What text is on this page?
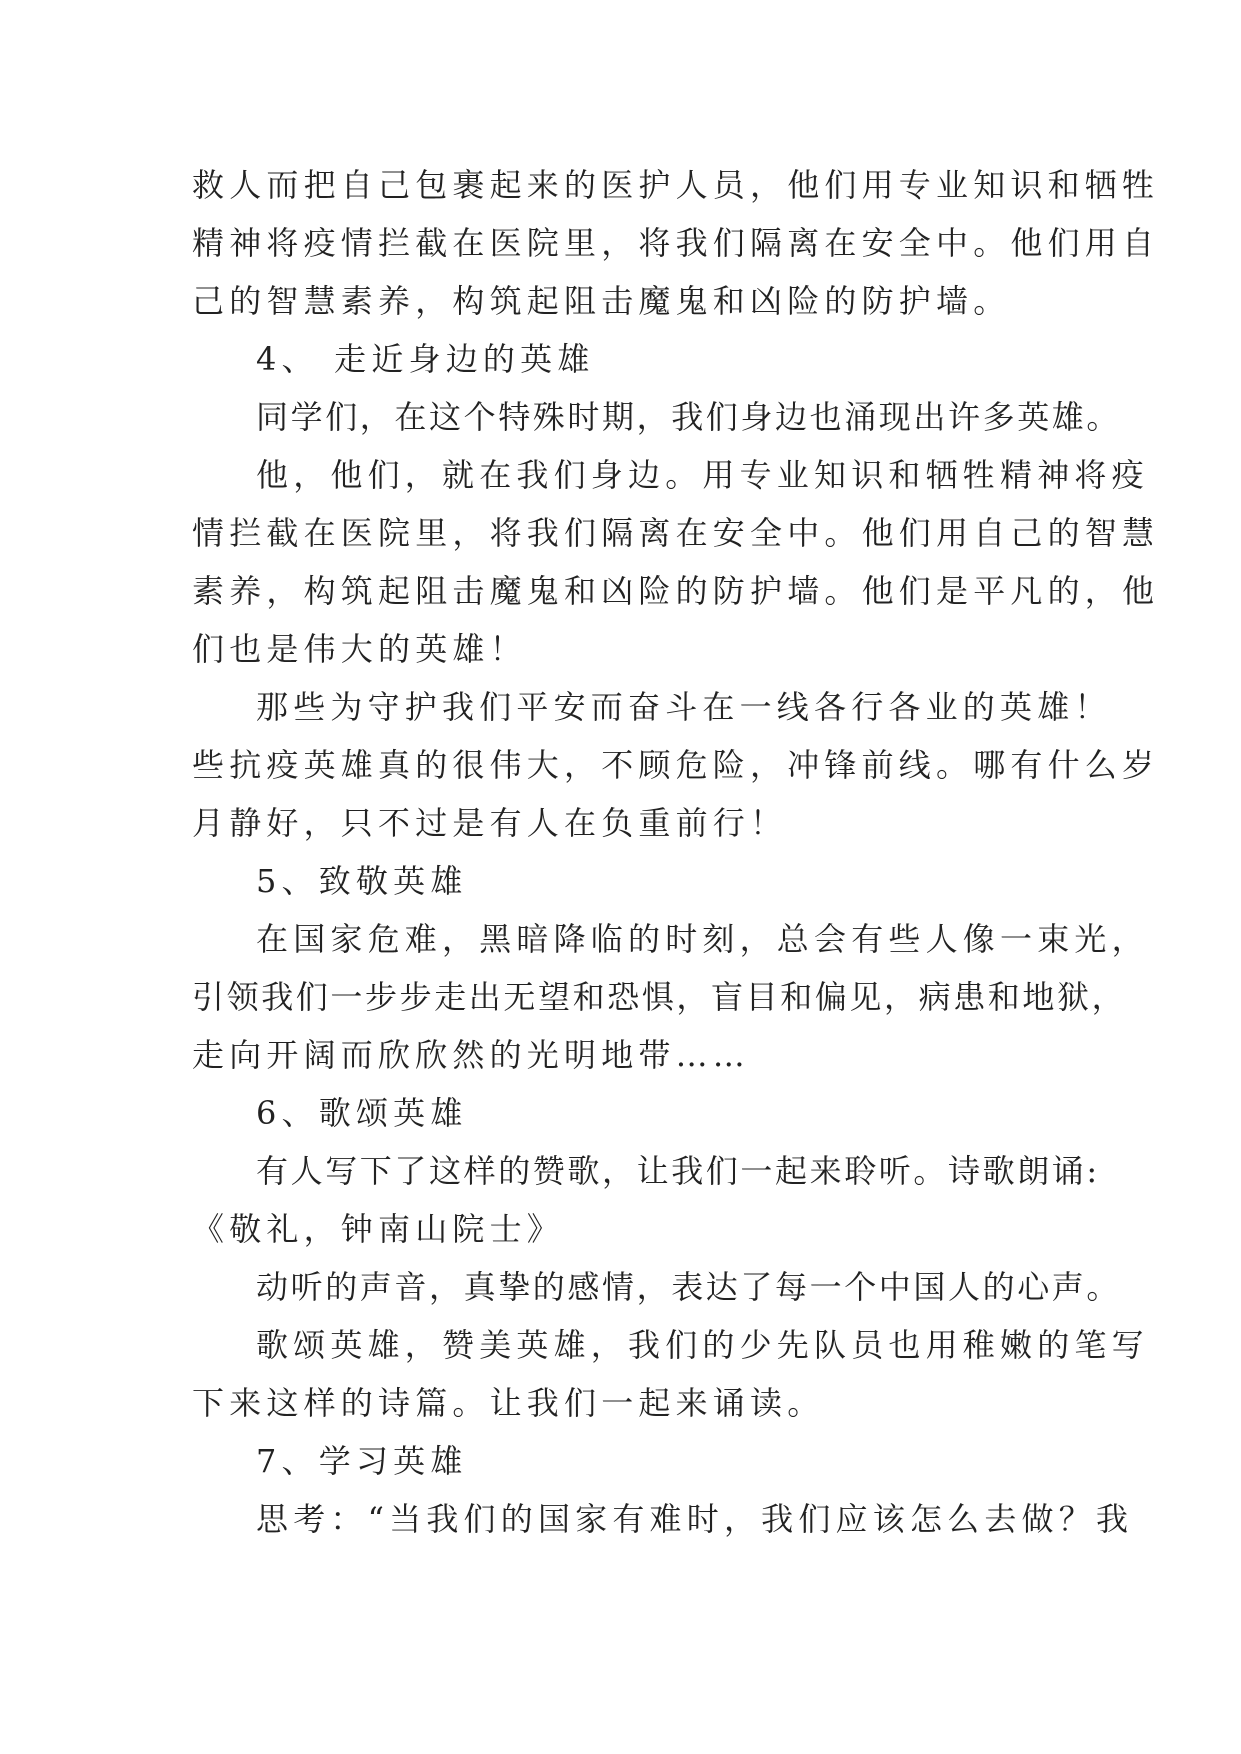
救人而把自己包裹起来的医护人员，他们用专业知识和牺牲
精神将疫情拦截在医院里，将我们隔离在安全中。他们用自
己的智慧素养，构筑起阻击魔鬼和凶险的防护墙。
4、 走近身边的英雄
同学们，在这个特殊时期，我们身边也涌现出许多英雄。
他，他们，就在我们身边。用专业知识和牺牲精神将疫
情拦截在医院里，将我们隔离在安全中。他们用自己的智慧
素养，构筑起阻击魔鬼和凶险的防护墙。他们是平凡的，他
们也是伟大的英雄！
那些为守护我们平安而奋斗在一线各行各业的英雄！
些抗疫英雄真的很伟大，不顾危险，冲锋前线。哪有什么岁
月静好，只不过是有人在负重前行！
5、致敬英雄
在国家危难，黑暗降临的时刻，总会有些人像一束光，
引领我们一步步走出无望和恐惧，盲目和偏见，病患和地狱，
走向开阔而欣欣然的光明地带……
6、歌颂英雄
有人写下了这样的赞歌，让我们一起来聆听。诗歌朗诵:
《敬礼，钟南山院士》
动听的声音，真挚的感情，表达了每一个中国人的心声。
歌颂英雄，赞美英雄，我们的少先队员也用稚嫩的笔写
下来这样的诗篇。让我们一起来诵读。
7、学习英雄
思考：“当我们的国家有难时，我们应该怎么去做？我
